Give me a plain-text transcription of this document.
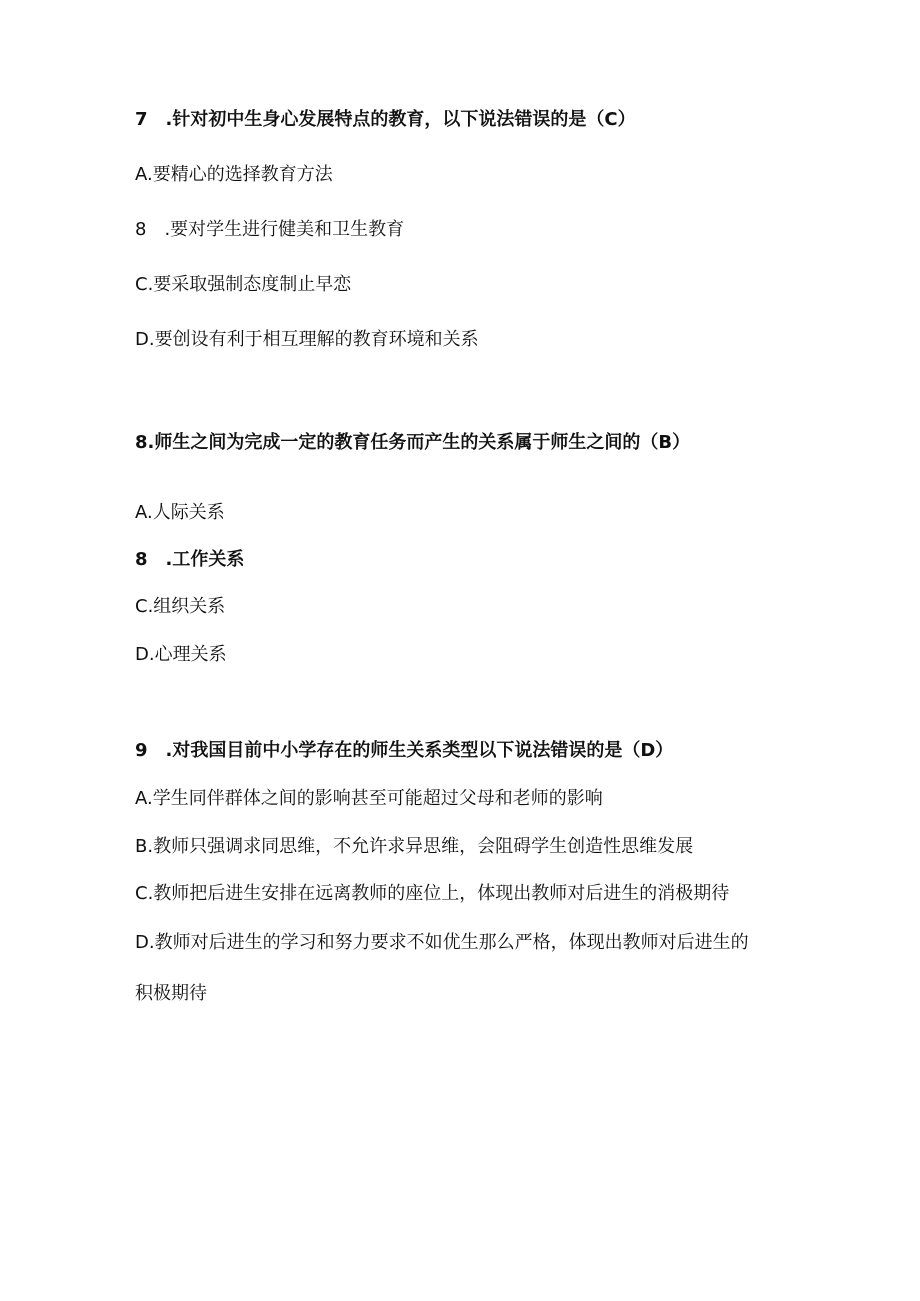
7　.针对初中生身心发展特点的教育，以下说法错误的是（C）
A.要精心的选择教育方法
8　.要对学生进行健美和卫生教育
C.要采取强制态度制止早恋
D.要创设有利于相互理解的教育环境和关系
8.师生之间为完成一定的教育任务而产生的关系属于师生之间的（B）
A.人际关系
8　.工作关系
C.组织关系
D.心理关系
9　.对我国目前中小学存在的师生关系类型以下说法错误的是（D）
A.学生同伴群体之间的影响甚至可能超过父母和老师的影响
B.教师只强调求同思维，不允许求异思维，会阻碍学生创造性思维发展
C.教师把后进生安排在远离教师的座位上，体现出教师对后进生的消极期待
D.教师对后进生的学习和努力要求不如优生那么严格，体现出教师对后进生的
积极期待
